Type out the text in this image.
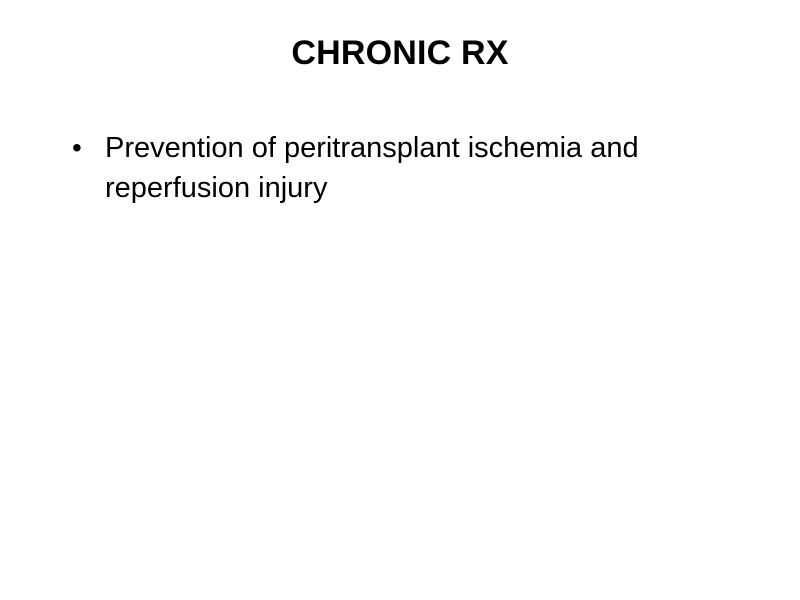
CHRONIC RX
• Prevention of peritransplant ischemia and reperfusion injury
